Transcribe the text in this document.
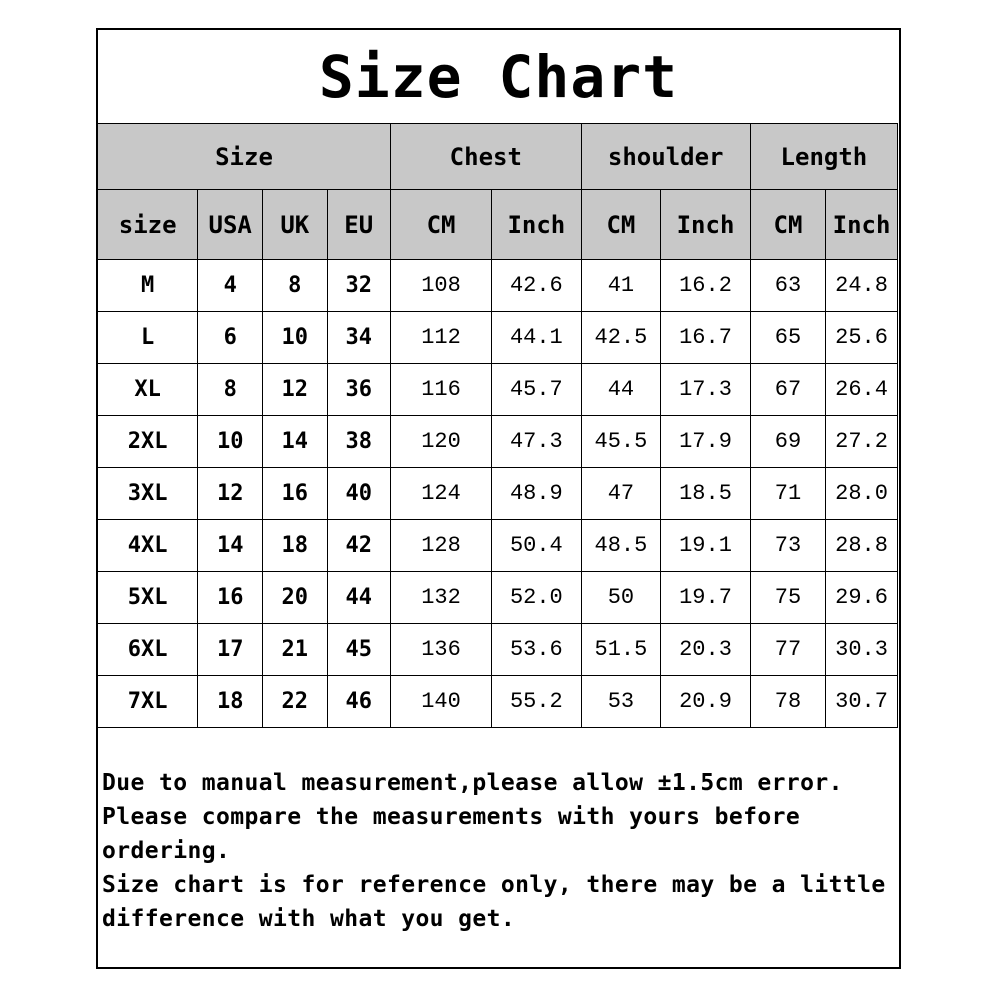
Size Chart
Size				Chest		shoulder		Length	
size	USA	UK	EU	CM	Inch	CM	Inch	CM	Inch
M	4	8	32	108	42.6	41	16.2	63	24.8
L	6	10	34	112	44.1	42.5	16.7	65	25.6
XL	8	12	36	116	45.7	44	17.3	67	26.4
2XL	10	14	38	120	47.3	45.5	17.9	69	27.2
3XL	12	16	40	124	48.9	47	18.5	71	28.0
4XL	14	18	42	128	50.4	48.5	19.1	73	28.8
5XL	16	20	44	132	52.0	50	19.7	75	29.6
6XL	17	21	45	136	53.6	51.5	20.3	77	30.3
7XL	18	22	46	140	55.2	53	20.9	78	30.7

Due to manual measurement,please allow ±1.5cm error.

Please compare the measurements with yours before ordering.

Size chart is for reference only, there may be a little difference with what you get.
